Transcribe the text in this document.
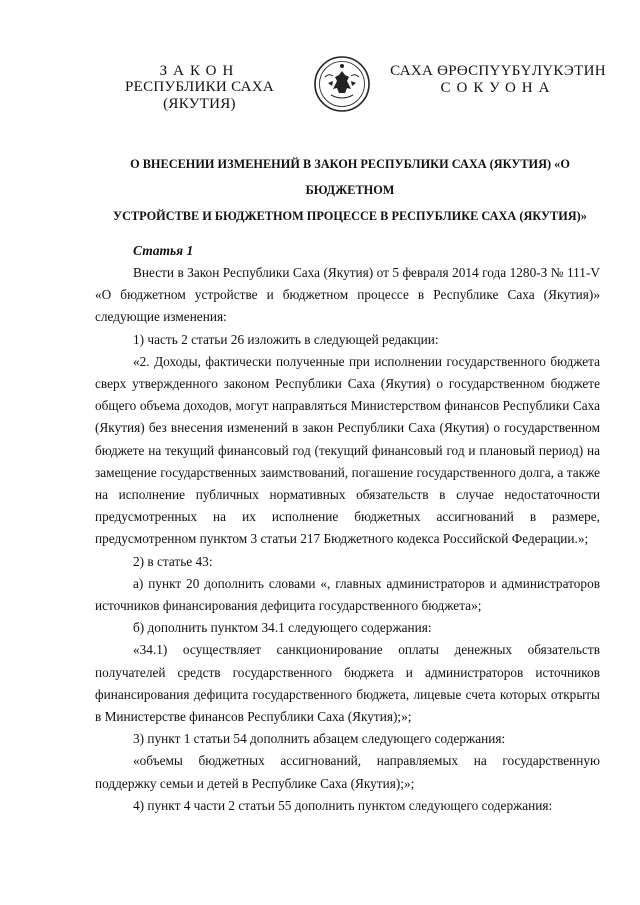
ЗАКОН
РЕСПУБЛИКИ САХА (ЯКУТИЯ)
САХА ӨРӨСПҮҮБҮЛҮКЭТИН
СОКУОНА
О ВНЕСЕНИИ ИЗМЕНЕНИЙ В ЗАКОН РЕСПУБЛИКИ САХА (ЯКУТИЯ) «О БЮДЖЕТНОМ
УСТРОЙСТВЕ И БЮДЖЕТНОМ ПРОЦЕССЕ В РЕСПУБЛИКЕ САХА (ЯКУТИЯ)»
Статья 1

Внести в Закон Республики Саха (Якутия) от 5 февраля 2014 года 1280-З № 111-V «О бюджетном устройстве и бюджетном процессе в Республике Саха (Якутия)» следующие изменения:

1) часть 2 статьи 26 изложить в следующей редакции:

«2. Доходы, фактически полученные при исполнении государственного бюджета сверх утвержденного законом Республики Саха (Якутия) о государственном бюджете общего объема доходов, могут направляться Министерством финансов Республики Саха (Якутия) без внесения изменений в закон Республики Саха (Якутия) о государственном бюджете на текущий финансовый год (текущий финансовый год и плановый период) на замещение государственных заимствований, погашение государственного долга, а также на исполнение публичных нормативных обязательств в случае недостаточности предусмотренных на их исполнение бюджетных ассигнований в размере, предусмотренном пунктом 3 статьи 217 Бюджетного кодекса Российской Федерации.»;

2) в статье 43:

а) пункт 20 дополнить словами «, главных администраторов и администраторов источников финансирования дефицита государственного бюджета»;

б) дополнить пунктом 34.1 следующего содержания:

«34.1) осуществляет санкционирование оплаты денежных обязательств получателей средств государственного бюджета и администраторов источников финансирования дефицита государственного бюджета, лицевые счета которых открыты в Министерстве финансов Республики Саха (Якутия);»;

3) пункт 1 статьи 54 дополнить абзацем следующего содержания:

«объемы бюджетных ассигнований, направляемых на государственную поддержку семьи и детей в Республике Саха (Якутия);»;

4) пункт 4 части 2 статьи 55 дополнить пунктом следующего содержания:
